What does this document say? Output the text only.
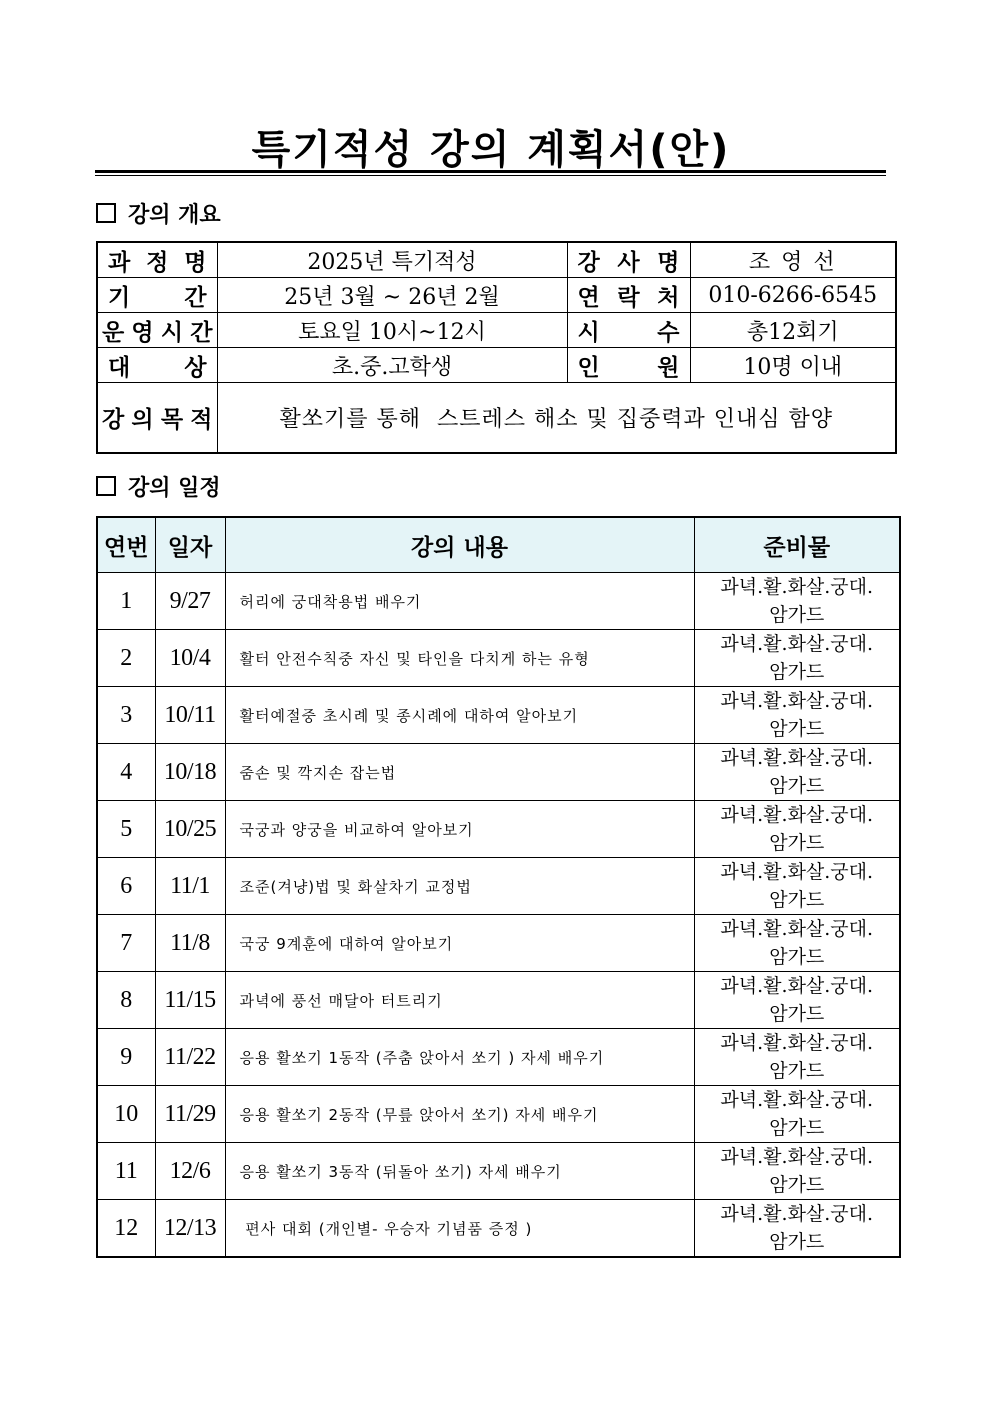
특기적성 강의 계획서(안)
강의 개요
과 정 명	2025년 특기적성	강 사 명	조 영 선

기 간	25년 3월 ~ 26년 2월	연 락 처	010-6266-6545

운 영 시 간	토요일 10시~12시	시 수	총12회기

대 상	초.중.고학생	인 원	10명 이내

강 의 목 적	활쏘기를 통해  스트레스 해소 및 집중력과 인내심 함양		
강의 일정
연번	일자	강의 내용	준비물
1	9/27	허리에 궁대착용법 배우기	과녁.활.화살.궁대.
암가드

2	10/4	활터 안전수칙중 자신 및 타인을 다치게 하는 유형	과녁.활.화살.궁대.
암가드

3	10/11	활터예절중 초시례 및 종시례에 대하여 알아보기	과녁.활.화살.궁대.
암가드

4	10/18	줌손 및 깍지손 잡는법	과녁.활.화살.궁대.
암가드

5	10/25	국궁과 양궁을 비교하여 알아보기	과녁.활.화살.궁대.
암가드

6	11/1	조준(겨냥)법 및 화살차기 교정법	과녁.활.화살.궁대.
암가드

7	11/8	국궁 9계훈에 대하여 알아보기	과녁.활.화살.궁대.
암가드

8	11/15	과녁에 풍선 매달아 터트리기	과녁.활.화살.궁대.
암가드

9	11/22	응용 활쏘기 1동작 (주춤 앉아서 쏘기 ) 자세 배우기	과녁.활.화살.궁대.
암가드

10	11/29	응용 활쏘기 2동작 (무릎 앉아서 쏘기) 자세 배우기	과녁.활.화살.궁대.
암가드

11	12/6	응용 활쏘기 3동작 (뒤돌아 쏘기) 자세 배우기	과녁.활.화살.궁대.
암가드

12	12/13	편사 대회 (개인별- 우승자 기념품 증정 )	과녁.활.화살.궁대.
암가드
